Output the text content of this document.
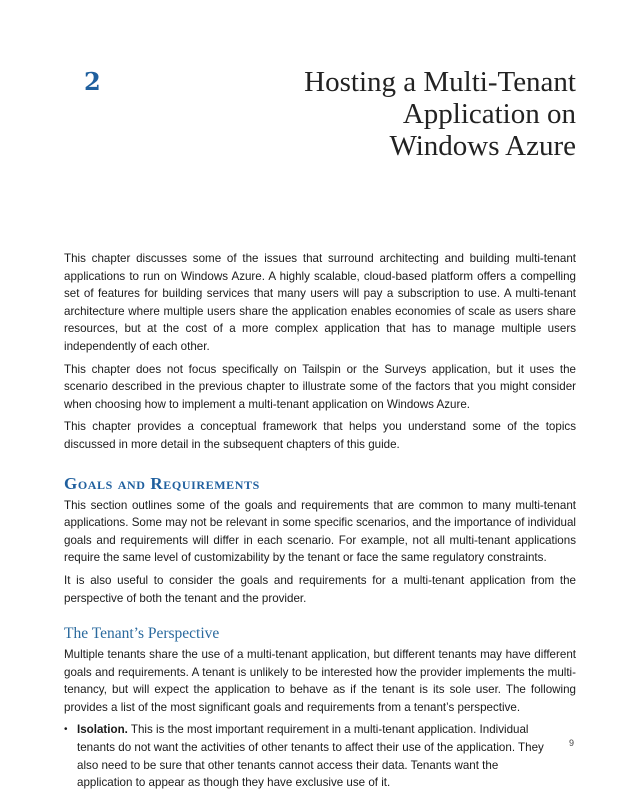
2	Hosting a Multi-Tenant
Application on
Windows Azure

This chapter discusses some of the issues that surround architecting and building multi-tenant applications to run on Windows Azure. A highly scalable, cloud-based platform offers a compelling set of features for building services that many users will pay a subscription to use. A multi-tenant architecture where multiple users share the application enables economies of scale as users share resources, but at the cost of a more complex application that has to manage multiple users independently of each other.

This chapter does not focus specifically on Tailspin or the Surveys application, but it uses the scenario described in the previous chapter to illustrate some of the factors that you might consider when choosing how to implement a multi-tenant application on Windows Azure.

This chapter provides a conceptual framework that helps you understand some of the topics discussed in more detail in the subsequent chapters of this guide.

Goals and Requirements

This section outlines some of the goals and requirements that are common to many multi-tenant applications. Some may not be relevant in some specific scenarios, and the importance of individual goals and requirements will differ in each scenario. For example, not all multi-tenant applications require the same level of customizability by the tenant or face the same regulatory constraints.

It is also useful to consider the goals and requirements for a multi-tenant application from the perspective of both the tenant and the provider.

The Tenant’s Perspective

Multiple tenants share the use of a multi-tenant application, but different tenants may have different goals and requirements. A tenant is unlikely to be interested how the provider implements the multi-tenancy, but will expect the application to behave as if the tenant is its sole user. The following provides a list of the most significant goals and requirements from a tenant’s perspective.

• Isolation. This is the most important requirement in a multi-tenant application. Individual tenants do not want the activities of other tenants to affect their use of the application. They also need to be sure that other tenants cannot access their data. Tenants want the application to appear as though they have exclusive use of it.
9
